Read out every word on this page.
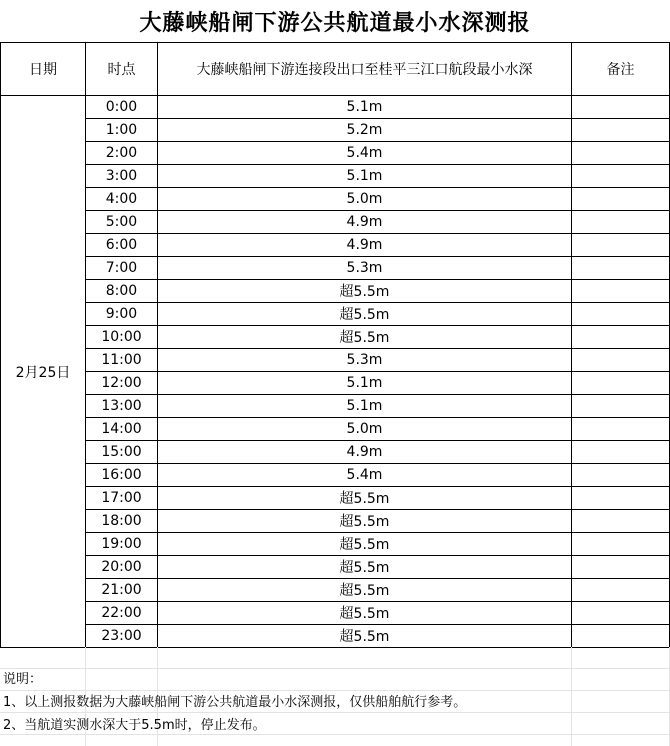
大藤峡船闸下游公共航道最小水深测报
日期	时点	大藤峡船闸下游连接段出口至桂平三江口航段最小水深	备注
2月25日	0:00	5.1m	
	1:00	5.2m	
	2:00	5.4m	
	3:00	5.1m	
	4:00	5.0m	
	5:00	4.9m	
	6:00	4.9m	
	7:00	5.3m	
	8:00	超5.5m	
	9:00	超5.5m	
	10:00	超5.5m	
	11:00	5.3m	
	12:00	5.1m	
	13:00	5.1m	
	14:00	5.0m	
	15:00	4.9m	
	16:00	5.4m	
	17:00	超5.5m	
	18:00	超5.5m	
	19:00	超5.5m	
	20:00	超5.5m	
	21:00	超5.5m	
	22:00	超5.5m	
	23:00	超5.5m	
说明：
1、以上测报数据为大藤峡船闸下游公共航道最小水深测报，仅供船舶航行参考。
2、当航道实测水深大于5.5m时，停止发布。
